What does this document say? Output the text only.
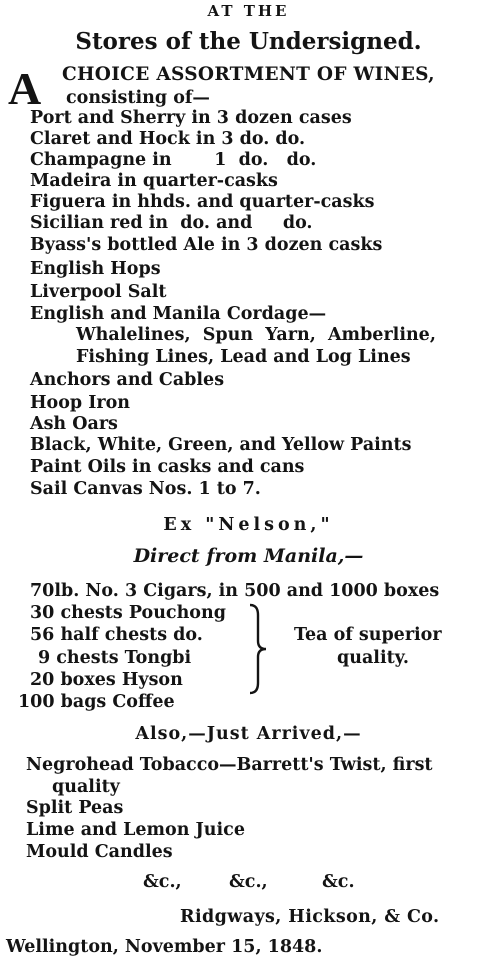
AT THE
Stores of the Undersigned.
A CHOICE ASSORTMENT OF WINES,
consisting of—
Port and Sherry in 3 dozen cases
Claret and Hock in 3 do. do.
Champagne in       1  do.   do.
Madeira in quarter-casks
Figuera in hhds. and quarter-casks
Sicilian red in  do. and     do.
Byass's bottled Ale in 3 dozen casks
English Hops
Liverpool Salt
English and Manila Cordage—
Whalelines,  Spun  Yarn,  Amberline,
Fishing Lines, Lead and Log Lines
Anchors and Cables
Hoop Iron
Ash Oars
Black, White, Green, and Yellow Paints
Paint Oils in casks and cans
Sail Canvas Nos. 1 to 7.
Ex "Nelson,"
Direct from Manila,—
70lb. No. 3 Cigars, in 500 and 1000 boxes
30 chests Pouchong
56 half chests do.
9 chests Tongbi
20 boxes Hyson
Tea of superior
quality.
100 bags Coffee
Also,—Just Arrived,—
Negrohead Tobacco—Barrett's Twist, first
quality
Split Peas
Lime and Lemon Juice
Mould Candles
&c.,	&c.,	&c.
Ridgways, Hickson, & Co.
Wellington, November 15, 1848.
